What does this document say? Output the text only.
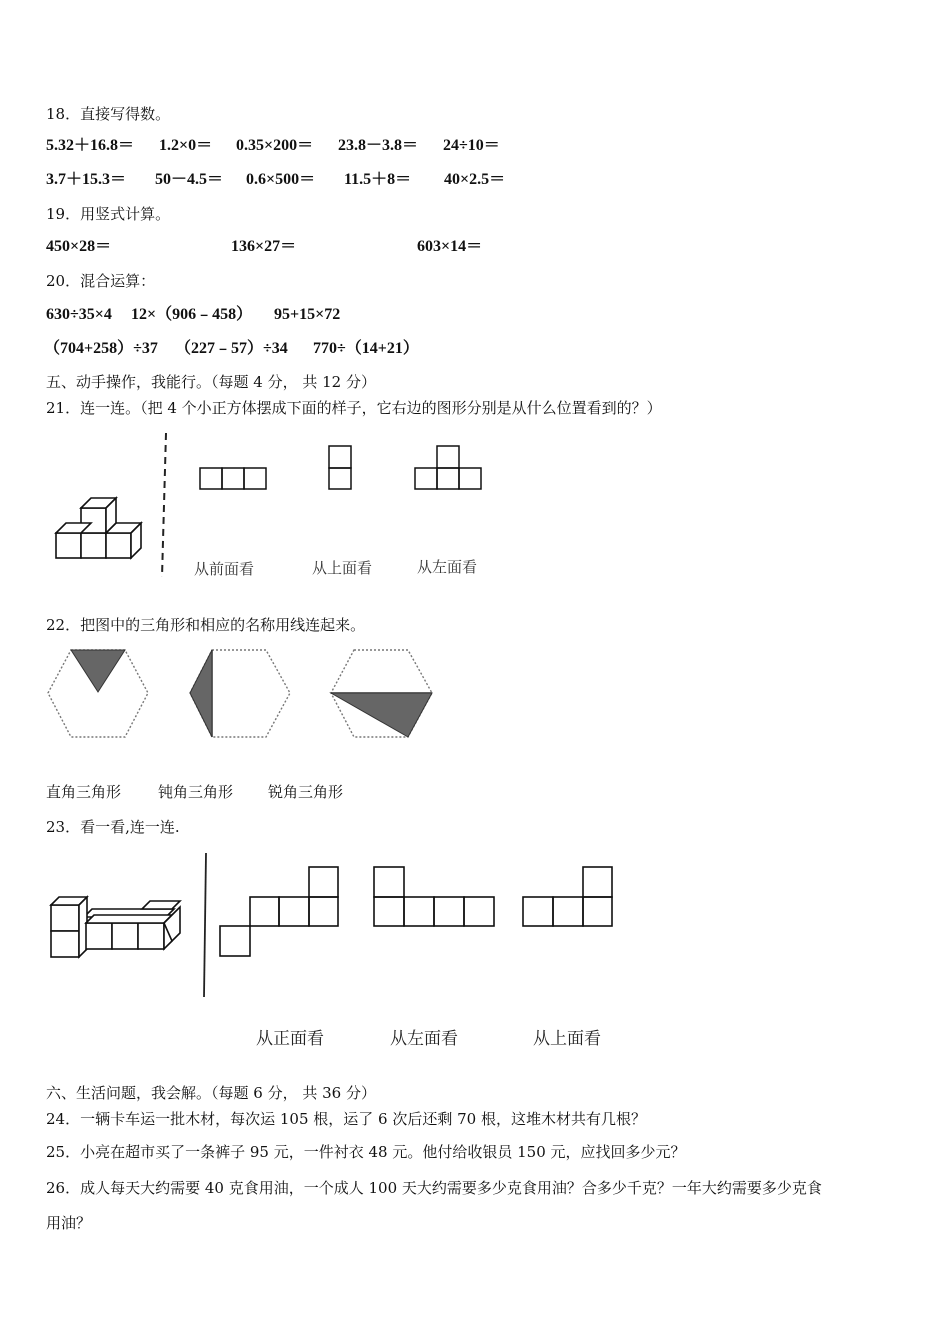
18．直接写得数。
5.32＋16.8＝ 1.2×0＝ 0.35×200＝ 23.8－3.8＝ 24÷10＝
3.7＋15.3＝ 50－4.5＝ 0.6×500＝ 11.5＋8＝ 40×2.5＝
19．用竖式计算。
450×28＝	136×27＝	603×14＝
20．混合运算：
630÷35×4 12×（906﹣458） 95+15×72
（704+258）÷37 （227﹣57）÷34 770÷（14+21）
五、动手操作，我能行。（每题 4 分， 共 12 分）
21．连一连。（把 4 个小正方体摆成下面的样子，它右边的图形分别是从什么位置看到的？）
从前面看	从上面看	从左面看
22．把图中的三角形和相应的名称用线连起来。
直角三角形 钝角三角形 锐角三角形
23．看一看,连一连.
从正面看	从左面看	从上面看
六、生活问题，我会解。（每题 6 分， 共 36 分）
24．一辆卡车运一批木材，每次运 105 根，运了 6 次后还剩 70 根，这堆木材共有几根？
25．小亮在超市买了一条裤子 95 元，一件衬衣 48 元。他付给收银员 150 元，应找回多少元？
26．成人每天大约需要 40 克食用油，一个成人 100 天大约需要多少克食用油？合多少千克？一年大约需要多少克食
用油？
